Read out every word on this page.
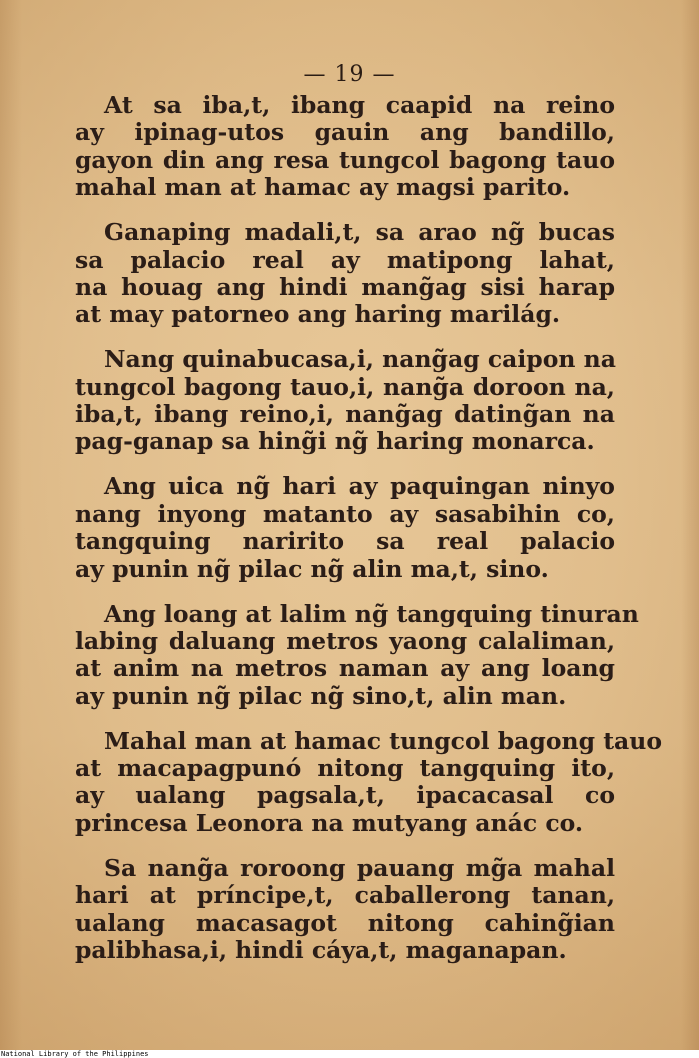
— 19 —
At sa iba,t, ibang caapid na reino
ay ipinag-utos gauin ang bandillo,
gayon din ang resa tungcol bagong tauo
mahal man at hamac ay magsi parito.
Ganaping madali,t, sa arao ng̃ bucas
sa palacio real ay matipong lahat,
na houag ang hindi mang̃ag sisi harap
at may patorneo ang haring marilág.
Nang quinabucasa,i, nang̃ag caipon na
tungcol bagong tauo,i, nang̃a doroon na,
iba,t, ibang reino,i, nang̃ag dating̃an na
pag-ganap sa hing̃i ng̃ haring monarca.
Ang uica ng̃ hari ay paquingan ninyo
nang inyong matanto ay sasabihin co,
tangquing naririto sa real palacio
ay punin ng̃ pilac ng̃ alin ma,t, sino.
Ang loang at lalim ng̃ tangquing tinuran
labing daluang metros yaong calaliman,
at anim na metros naman ay ang loang
ay punin ng̃ pilac ng̃ sino,t, alin man.
Mahal man at hamac tungcol bagong tauo
at macapagpunó nitong tangquing ito,
ay ualang pagsala,t, ipacacasal co
princesa Leonora na mutyang anác co.
Sa nang̃a roroong pauang mg̃a mahal
hari at príncipe,t, caballerong tanan,
ualang macasagot nitong cahing̃ian
palibhasa,i, hindi cáya,t, maganapan.
National Library of the Philippines
